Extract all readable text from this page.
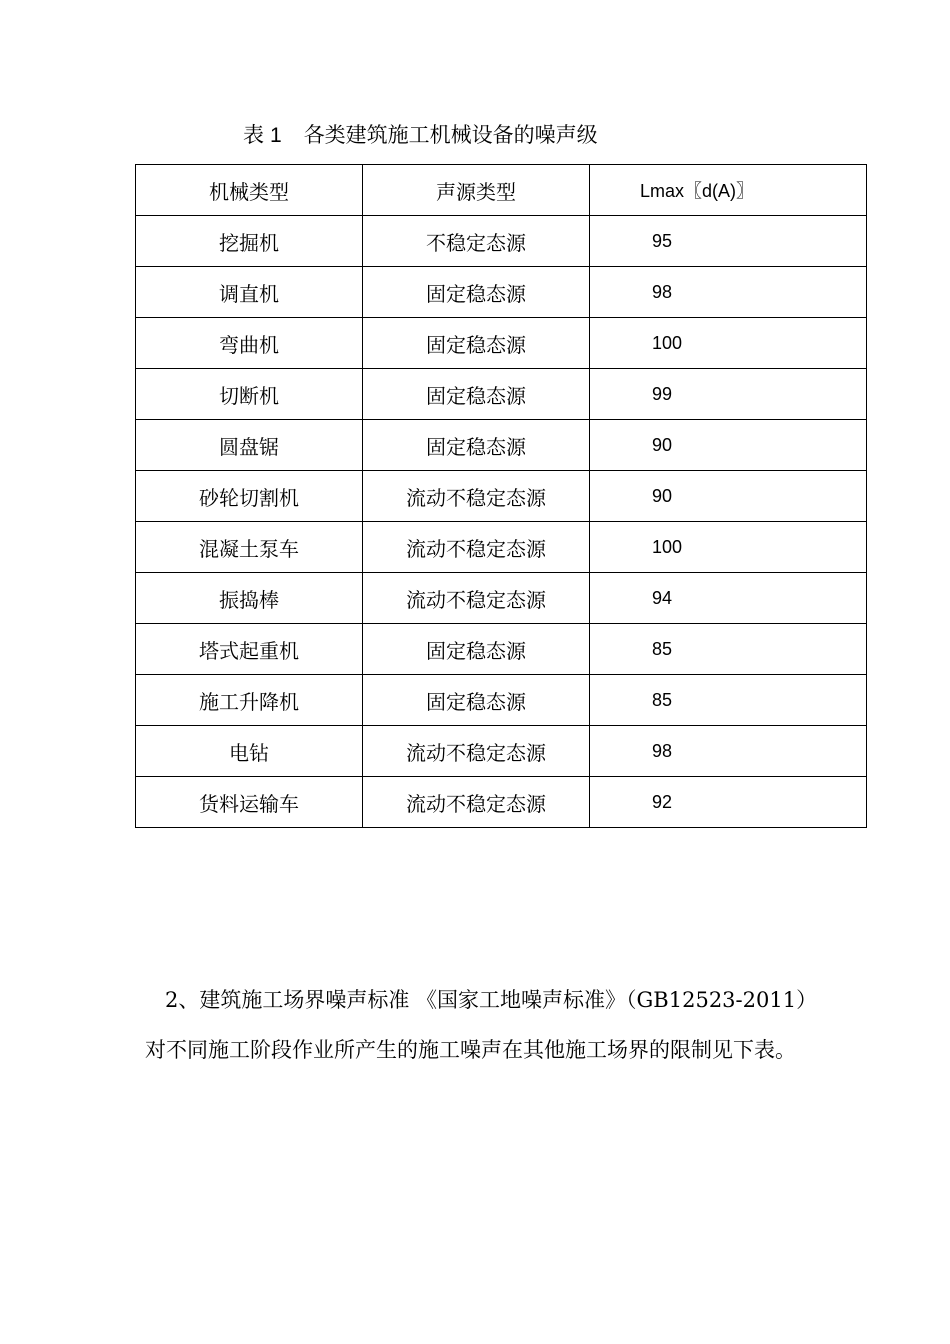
表 1 各类建筑施工机械设备的噪声级
机械类型	声源类型	Lmax〖d(A)〗
挖掘机	不稳定态源	95
调直机	固定稳态源	98
弯曲机	固定稳态源	100
切断机	固定稳态源	99
圆盘锯	固定稳态源	90
砂轮切割机	流动不稳定态源	90
混凝土泵车	流动不稳定态源	100
振捣棒	流动不稳定态源	94
塔式起重机	固定稳态源	85
施工升降机	固定稳态源	85
电钻	流动不稳定态源	98
货料运输车	流动不稳定态源	92
2、建筑施工场界噪声标准 《国家工地噪声标准》（GB12523-2011）对不同施工阶段作业所产生的施工噪声在其他施工场界的限制见下表。
